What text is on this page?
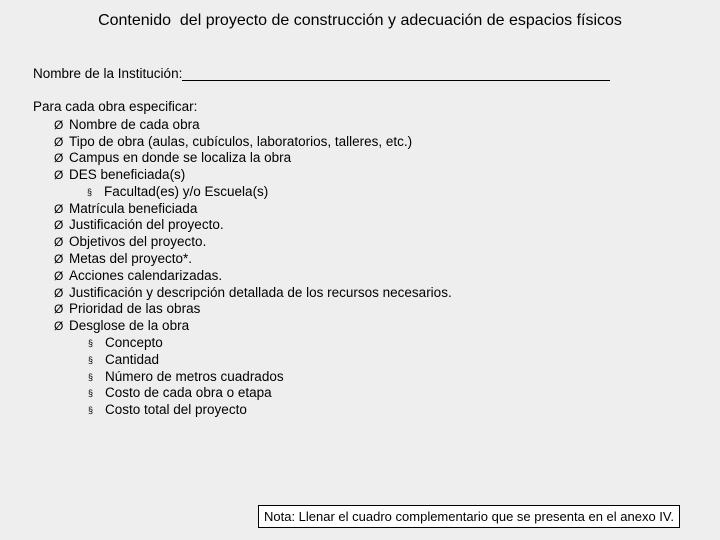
Contenido  del proyecto de construcción y adecuación de espacios físicos
Nombre de la Institución:
Para cada obra especificar:
Ø Nombre de cada obra
Ø Tipo de obra (aulas, cubículos, laboratorios, talleres, etc.)
Ø Campus en donde se localiza la obra
Ø DES beneficiada(s)
§ Facultad(es) y/o Escuela(s)
Ø Matrícula beneficiada
Ø Justificación del proyecto.
Ø Objetivos del proyecto.
Ø Metas del proyecto*.
Ø Acciones calendarizadas.
Ø Justificación y descripción detallada de los recursos necesarios.
Ø Prioridad de las obras
Ø Desglose de la obra
§ Concepto
§ Cantidad
§ Número de metros cuadrados
§ Costo de cada obra o etapa
§ Costo total del proyecto
Nota: Llenar el cuadro complementario que se presenta en el anexo IV.
